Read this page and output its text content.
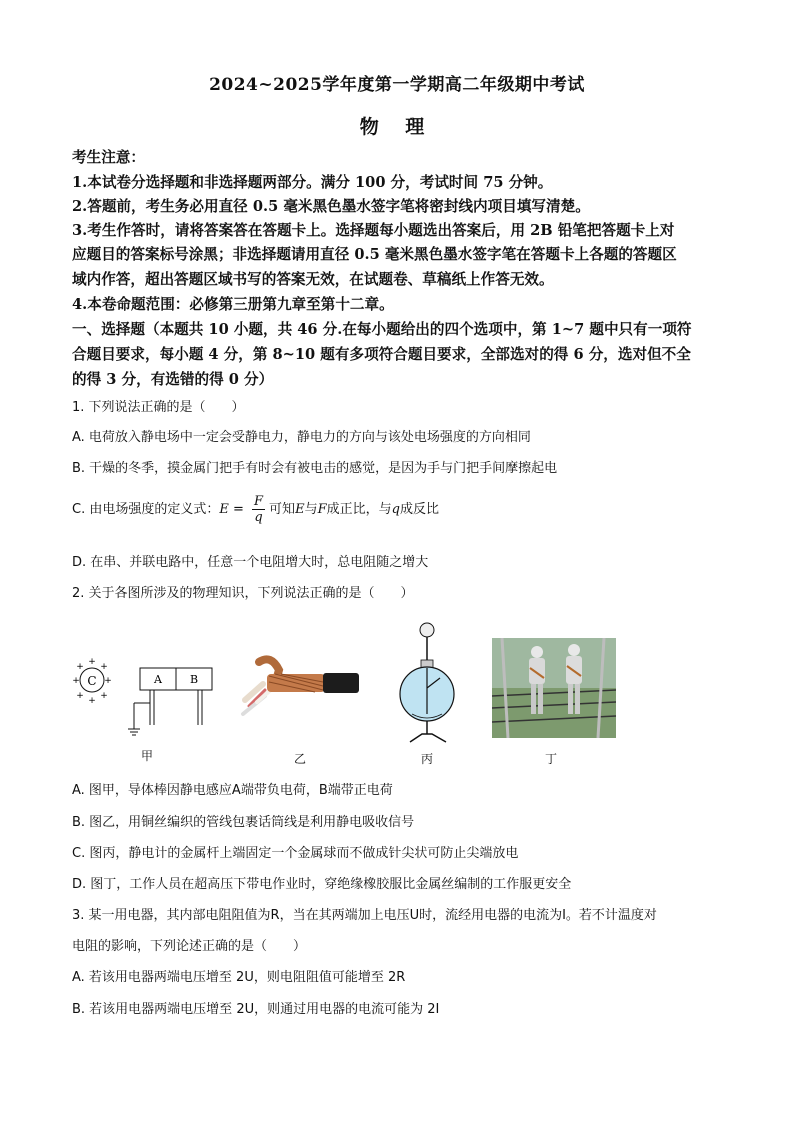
2024~2025学年度第一学期高二年级期中考试
物 理
考生注意：
1.本试卷分选择题和非选择题两部分。满分 100 分，考试时间 75 分钟。
2.答题前，考生务必用直径 0.5 毫米黑色墨水签字笔将密封线内项目填写清楚。
3.考生作答时，请将答案答在答题卡上。选择题每小题选出答案后，用 2B 铅笔把答题卡上对
应题目的答案标号涂黑；非选择题请用直径 0.5 毫米黑色墨水签字笔在答题卡上各题的答题区
域内作答，超出答题区域书写的答案无效，在试题卷、草稿纸上作答无效。
4.本卷命题范围：必修第三册第九章至第十二章。
一、选择题（本题共 10 小题，共 46 分.在每小题给出的四个选项中，第 1~7 题中只有一项符
合题目要求，每小题 4 分，第 8~10 题有多项符合题目要求，全部选对的得 6 分，选对但不全
的得 3 分，有选错的得 0 分）
1. 下列说法正确的是（　　）
A. 电荷放入静电场中一定会受静电力，静电力的方向与该处电场强度的方向相同
B. 干燥的冬季，摸金属门把手有时会有被电击的感觉，是因为手与门把手间摩擦起电
C. 由电场强度的定义式：$E = \frac{F}{q}$ 可知E与F成正比，与q成反比
D. 在串、并联电路中，任意一个电阻增大时，总电阻随之增大
2. 关于各图所涉及的物理知识，下列说法正确的是（　　）
C
+
+
+	+
+ +
+ +
A	B
甲	乙	丙	丁
A. 图甲，导体棒因静电感应A端带负电荷，B端带正电荷
B. 图乙，用铜丝编织的管线包裹话筒线是利用静电吸收信号
C. 图丙，静电计的金属杆上端固定一个金属球而不做成针尖状可防止尖端放电
D. 图丁，工作人员在超高压下带电作业时，穿绝缘橡胶服比金属丝编制的工作服更安全
3. 某一用电器，其内部电阻阻值为R，当在其两端加上电压U时，流经用电器的电流为I。若不计温度对
电阻的影响，下列论述正确的是（　　）
A. 若该用电器两端电压增至 2U，则电阻阻值可能增至 2R
B. 若该用电器两端电压增至 2U，则通过用电器的电流可能为 2I
